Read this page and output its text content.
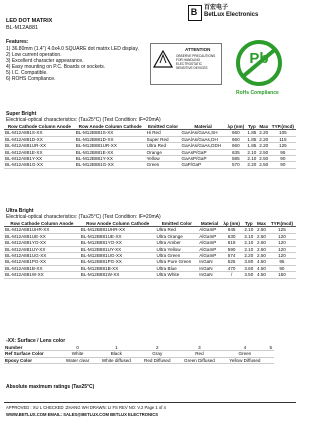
B 百宏电子
BetLux Electronics
LED DOT MATRIX
BL-M12A881
Features:
1) 36.80mm (1.4") 4.0x4.0 SQUARE dot matrix LED display.
2) Low current operation.
3) Excellent character appearance.
4) Easy mounting on P.C. Boards or sockets.
5) I.C. Compatible.
6) ROHS Compliance.
ATTENTION
OBSERVE PRECAUTIONS FOR HANDLING ELECTROSTATIC SENSITIVE DEVICES
Pb
RoHs Compliance
Super Bright
Electrical-optical characteristics: (Ta≥25°C) (Test Condition: IF=20mA)
Row Cathode Column Anode	Row Anode Column Cathode	Emitted Color	Material	λp (nm)	Typ	Max	TYP.(mcd)
BL-M12A881S-XX	BL-M12B881S-XX	Hi Red	GaAlAs/GaAs,SH	660	1.85	2.20	105
BL-M12A881D-XX	BL-M12B881D-XX	Super Red	GaAlAs/GaAs,DH	660	1.85	2.20	115
BL-M12A881UR-XX	BL-M12B881UR-XX	Ultra Red	GaAlAs/GaAs,DDH	660	1.85	2.20	125
BL-M12A881E-XX	BL-M12B881E-XX	Orange	GaAsP/GaP	635	2.10	2.50	95
BL-M12A881Y-XX	BL-M12B881Y-XX	Yellow	GaAsP/GaP	585	2.10	2.50	90
BL-M12A881G-XX	BL-M12B881G-XX	Green	GaP/GaP	570	2.20	2.50	90
Ultra Bright
Electrical-optical characteristics: (Ta≥25°C) (Test Condition: IF=20mA)
Row Cathode Column Anode	Row Anode Column Cathode	Emitted Color	Material	λp (nm)	Typ	Max	TYP.(mcd)
BL-M12A881UHR-XX	BL-M12B881UHR-XX	Ultra Red	AlGaInP	645	2.10	2.50	125
BL-M12A881UE-XX	BL-M12B881UE-XX	Ultra Orange	AlGaInP	630	2.10	2.50	120
BL-M12A881YO-XX	BL-M12B881YO-XX	Ultra Amber	AlGaInP	619	2.10	2.50	120
BL-M12A881UY-XX	BL-M12B881UY-XX	Ultra Yellow	AlGaInP	590	2.10	2.50	120
BL-M12A881UG-XX	BL-M12B881UG-XX	Ultra Green	AlGaInP	574	2.20	2.50	120
BL-M12A881PG-XX	BL-M12B881PG-XX	Ultra Pure Green	InGaN	525	3.80	4.50	95
BL-M12A881B-XX	BL-M12B881B-XX	Ultra Blue	InGaN	470	3.60	4.50	90
BL-M12A881W-XX	BL-M12B881W-XX	Ultra White	InGaN	/	3.50	4.50	150
-XX: Surface / Lens color
Number	0	1	2	3	4	5
Ref Surface Color	White	Black	Gray	Red	Green	
Epoxy Color	Water clear	White diffused	Red Diffused	Green Diffused	Yellow Diffused	
Absolute maximum ratings (Ta≥25°C)
APPROVED : XU L CHECKED :ZHANG WH DRAWN: LI FS REV NO: V.2 Page 1 of 4
WWW.BETLUX.COM EMAIL: SALES@BETLUX.COM BETLUX ELECTRONICS
